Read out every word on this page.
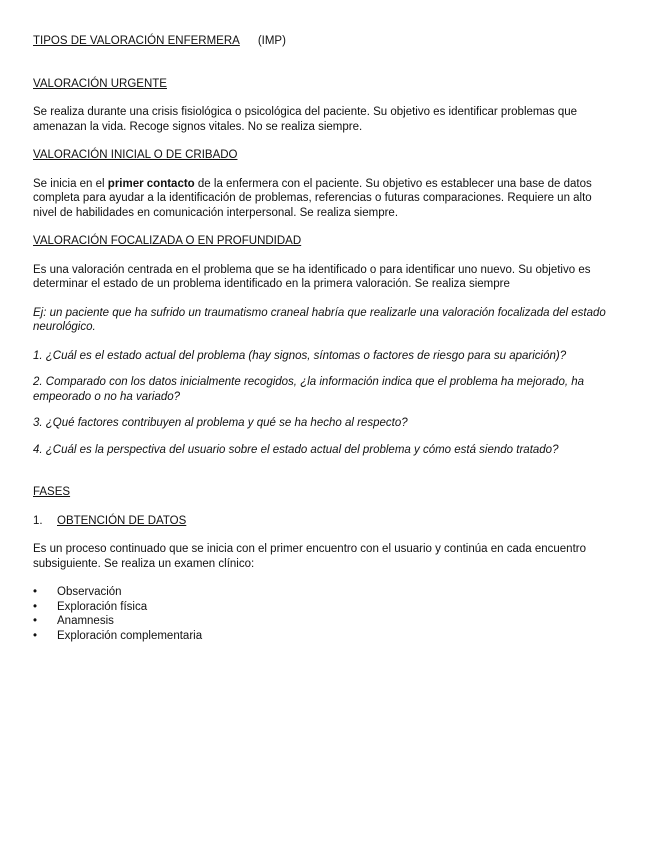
TIPOS DE VALORACIÓN ENFERMERA (IMP)
VALORACIÓN URGENTE

Se realiza durante una crisis fisiológica o psicológica del paciente. Su objetivo es identificar problemas que amenazan la vida. Recoge signos vitales. No se realiza siempre.

VALORACIÓN INICIAL O DE CRIBADO

Se inicia en el primer contacto de la enfermera con el paciente. Su objetivo es establecer una base de datos completa para ayudar a la identificación de problemas, referencias o futuras comparaciones. Requiere un alto nivel de habilidades en comunicación interpersonal. Se realiza siempre.

VALORACIÓN FOCALIZADA O EN PROFUNDIDAD

Es una valoración centrada en el problema que se ha identificado o para identificar uno nuevo. Su objetivo es determinar el estado de un problema identificado en la primera valoración. Se realiza siempre

Ej: un paciente que ha sufrido un traumatismo craneal habría que realizarle una valoración focalizada del estado neurológico.

1. ¿Cuál es el estado actual del problema (hay signos, síntomas o factores de riesgo para su aparición)?

2. Comparado con los datos inicialmente recogidos, ¿la información indica que el problema ha mejorado, ha empeorado o no ha variado?

3. ¿Qué factores contribuyen al problema y qué se ha hecho al respecto?

4. ¿Cuál es la perspectiva del usuario sobre el estado actual del problema y cómo está siendo tratado?

FASES
1. OBTENCIÓN DE DATOS

Es un proceso continuado que se inicia con el primer encuentro con el usuario y continúa en cada encuentro subsiguiente. Se realiza un examen clínico:

•	Observación
•	Exploración física
•	Anamnesis
•	Exploración complementaria
